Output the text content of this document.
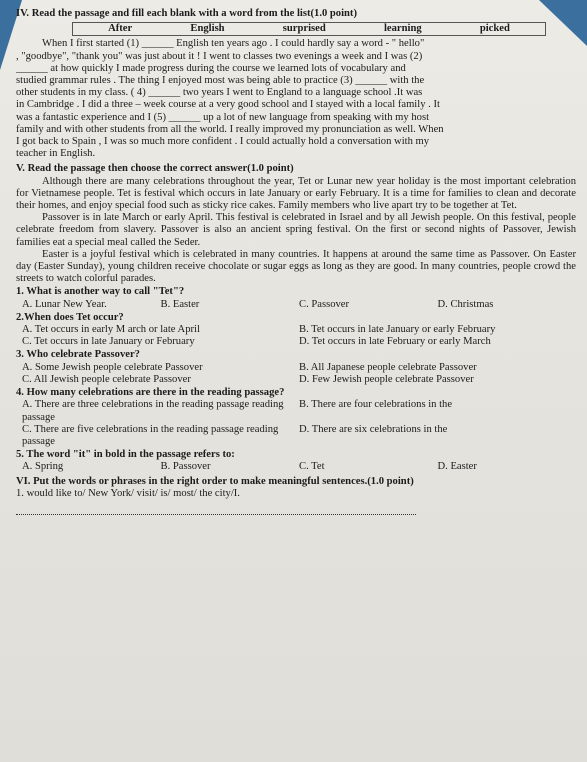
IV. Read the passage and fill each blank with a word from the list(1.0 point)
After	English	surprised	learning	picked

When I first started (1) ______ English ten years ago . I could hardly say a word - " hello"

, "goodbye", "thank you" was just about it ! I went to classes two evenings a week and I was (2)

______ at how quickly I made progress during the course we learned lots of vocabulary and

studied grammar rules . The thing I enjoyed most was being able to practice (3) ______ with the

other students in my class. ( 4) ______ two years I went to England to a language school .It was

in Cambridge . I did a three – week course at a very good school and I stayed with a local family . It

was a fantastic experience and I (5) ______ up a lot of new language from speaking with my host

family and with other students from all the world. I really improved my pronunciation as well. When

I got back to Spain , I was so much more confident . I could actually hold a conversation with my

teacher in English.

V. Read the passage then choose the correct answer(1.0 point)

Although there are many celebrations throughout the year, Tet or Lunar new year holiday is the most important celebration for Vietnamese people. Tet is festival which occurs in late January or early February. It is a time for families to clean and decorate their homes, and enjoy special food such as sticky rice cakes. Family members who live apart try to be together at Tet.

Passover is in late March or early April. This festival is celebrated in Israel and by all Jewish people. On this festival, people celebrate freedom from slavery. Passover is also an ancient spring festival. On the first or second nights of Passover, Jewish families eat a special meal called the Seder.

Easter is a joyful festival which is celebrated in many countries. It happens at around the same time as Passover. On Easter day (Easter Sunday), young children receive chocolate or sugar eggs as long as they are good. In many countries, people crowd the streets to watch colorful parades.

1. What is another way to call "Tet"?
A. Lunar New Year.	B. Easter	C. Passover	D. Christmas
2.When does Tet occur?
A. Tet occurs in early M arch or late April	B. Tet occurs in late January or early February
C. Tet occurs in late January or February	D. Tet occurs in late February or early March
3. Who celebrate Passover?
A. Some Jewish people celebrate Passover	B. All Japanese people celebrate Passover
C. All Jewish people celebrate Passover	D. Few Jewish people celebrate Passover
4. How many celebrations are there in the reading passage?
A. There are three celebrations in the reading passage reading passage
B. There are four celebrations in the
C. There are five celebrations in the reading passage reading passage
D. There are six celebrations in the
5. The word "it" in bold in the passage refers to:
A. Spring	B. Passover	C. Tet	D. Easter
VI. Put the words or phrases in the right order to make meaningful sentences.(1.0 point)
1. would like to/ New York/ visit/ is/ most/ the city/I.
